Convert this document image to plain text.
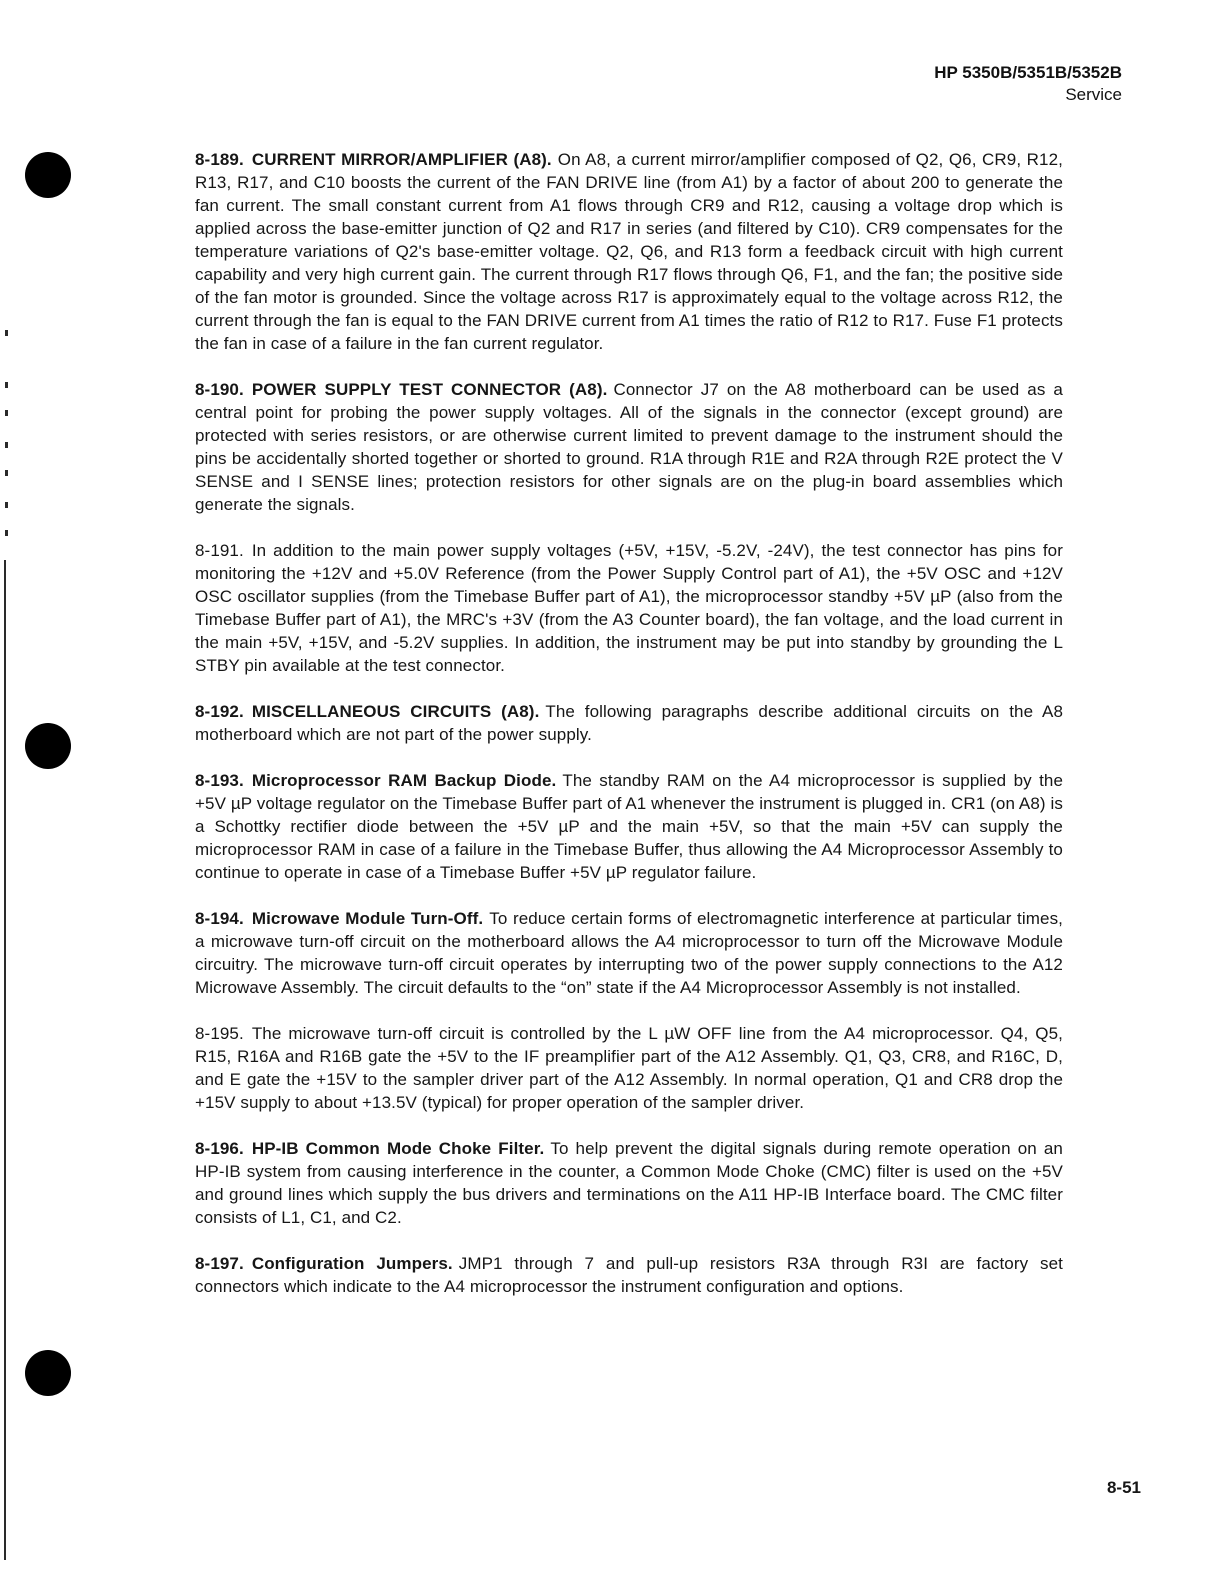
HP 5350B/5351B/5352B
Service

8-189. CURRENT MIRROR/AMPLIFIER (A8). On A8, a current mirror/amplifier composed of Q2, Q6, CR9, R12, R13, R17, and C10 boosts the current of the FAN DRIVE line (from A1) by a factor of about 200 to generate the fan current. The small constant current from A1 flows through CR9 and R12, causing a voltage drop which is applied across the base-emitter junction of Q2 and R17 in series (and filtered by C10). CR9 compensates for the temperature variations of Q2's base-emitter voltage. Q2, Q6, and R13 form a feedback circuit with high current capability and very high current gain. The current through R17 flows through Q6, F1, and the fan; the positive side of the fan motor is grounded. Since the voltage across R17 is approximately equal to the voltage across R12, the current through the fan is equal to the FAN DRIVE current from A1 times the ratio of R12 to R17. Fuse F1 protects the fan in case of a failure in the fan current regulator.

8-190. POWER SUPPLY TEST CONNECTOR (A8). Connector J7 on the A8 motherboard can be used as a central point for probing the power supply voltages. All of the signals in the connector (except ground) are protected with series resistors, or are otherwise current limited to prevent damage to the instrument should the pins be accidentally shorted together or shorted to ground. R1A through R1E and R2A through R2E protect the V SENSE and I SENSE lines; protection resistors for other signals are on the plug-in board assemblies which generate the signals.

8-191. In addition to the main power supply voltages (+5V, +15V, -5.2V, -24V), the test connector has pins for monitoring the +12V and +5.0V Reference (from the Power Supply Control part of A1), the +5V OSC and +12V OSC oscillator supplies (from the Timebase Buffer part of A1), the microprocessor standby +5V µP (also from the Timebase Buffer part of A1), the MRC's +3V (from the A3 Counter board), the fan voltage, and the load current in the main +5V, +15V, and -5.2V supplies. In addition, the instrument may be put into standby by grounding the L STBY pin available at the test connector.

8-192. MISCELLANEOUS CIRCUITS (A8). The following paragraphs describe additional circuits on the A8 motherboard which are not part of the power supply.

8-193. Microprocessor RAM Backup Diode. The standby RAM on the A4 microprocessor is supplied by the +5V µP voltage regulator on the Timebase Buffer part of A1 whenever the instrument is plugged in. CR1 (on A8) is a Schottky rectifier diode between the +5V µP and the main +5V, so that the main +5V can supply the microprocessor RAM in case of a failure in the Timebase Buffer, thus allowing the A4 Microprocessor Assembly to continue to operate in case of a Timebase Buffer +5V µP regulator failure.

8-194. Microwave Module Turn-Off. To reduce certain forms of electromagnetic interference at particular times, a microwave turn-off circuit on the motherboard allows the A4 microprocessor to turn off the Microwave Module circuitry. The microwave turn-off circuit operates by interrupting two of the power supply connections to the A12 Microwave Assembly. The circuit defaults to the “on” state if the A4 Microprocessor Assembly is not installed.

8-195. The microwave turn-off circuit is controlled by the L µW OFF line from the A4 microprocessor. Q4, Q5, R15, R16A and R16B gate the +5V to the IF preamplifier part of the A12 Assembly. Q1, Q3, CR8, and R16C, D, and E gate the +15V to the sampler driver part of the A12 Assembly. In normal operation, Q1 and CR8 drop the +15V supply to about +13.5V (typical) for proper operation of the sampler driver.

8-196. HP-IB Common Mode Choke Filter. To help prevent the digital signals during remote operation on an HP-IB system from causing interference in the counter, a Common Mode Choke (CMC) filter is used on the +5V and ground lines which supply the bus drivers and terminations on the A11 HP-IB Interface board. The CMC filter consists of L1, C1, and C2.

8-197. Configuration Jumpers. JMP1 through 7 and pull-up resistors R3A through R3I are factory set connectors which indicate to the A4 microprocessor the instrument configuration and options.

8-51
